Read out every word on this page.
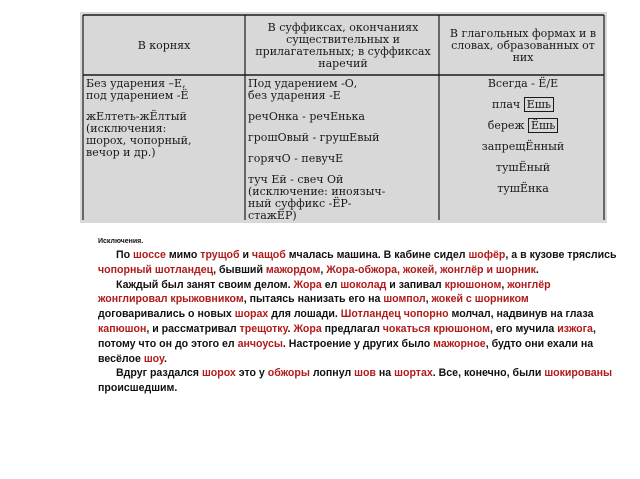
В корнях
В суффиксах, окончаниях существительных и прилагательных; в суффиксах наречий
В глагольных формах и в словах, образованных от них
Без ударения –Е,
под ударением -Ё
жЕлтеть-жЁлтый
(исключения:
шорох, чопорный,
вечор и др.)
Под ударением -О,
без ударения -Е
речОнка - речЕнька
грошОвый - грушЕвый
горячО - певучЕ
туч Ей - свеч Ой
(исключение: иноязыч-
ный суффикс -ЁР-
стажЁР)
Всегда - Ё/Е
плач Ешь
береж Ёшь
запрещЁнный
тушЁный
тушЁнка
Исключения.
По шоссе мимо трущоб и чащоб мчалась машина. В кабине сидел шофёр, а в кузове тряслись чопорный шотландец, бывший мажордом, Жора-обжора, жокей, жонглёр и шорник.
Каждый был занят своим делом. Жора ел шоколад и запивал крюшоном, жонглёр жонглировал крыжовником, пытаясь нанизать его на шомпол, жокей с шорником договаривались о новых шорах для лошади. Шотландец чопорно молчал, надвинув на глаза капюшон, и рассматривал трещотку. Жора предлагал чокаться крюшоном, его мучила изжога, потому что он до этого ел анчоусы. Настроение у других было мажорное, будто они ехали на весёлое шоу.
Вдруг раздался шорох это у обжоры лопнул шов на шортах. Все, конечно, были шокированы происшедшим.
